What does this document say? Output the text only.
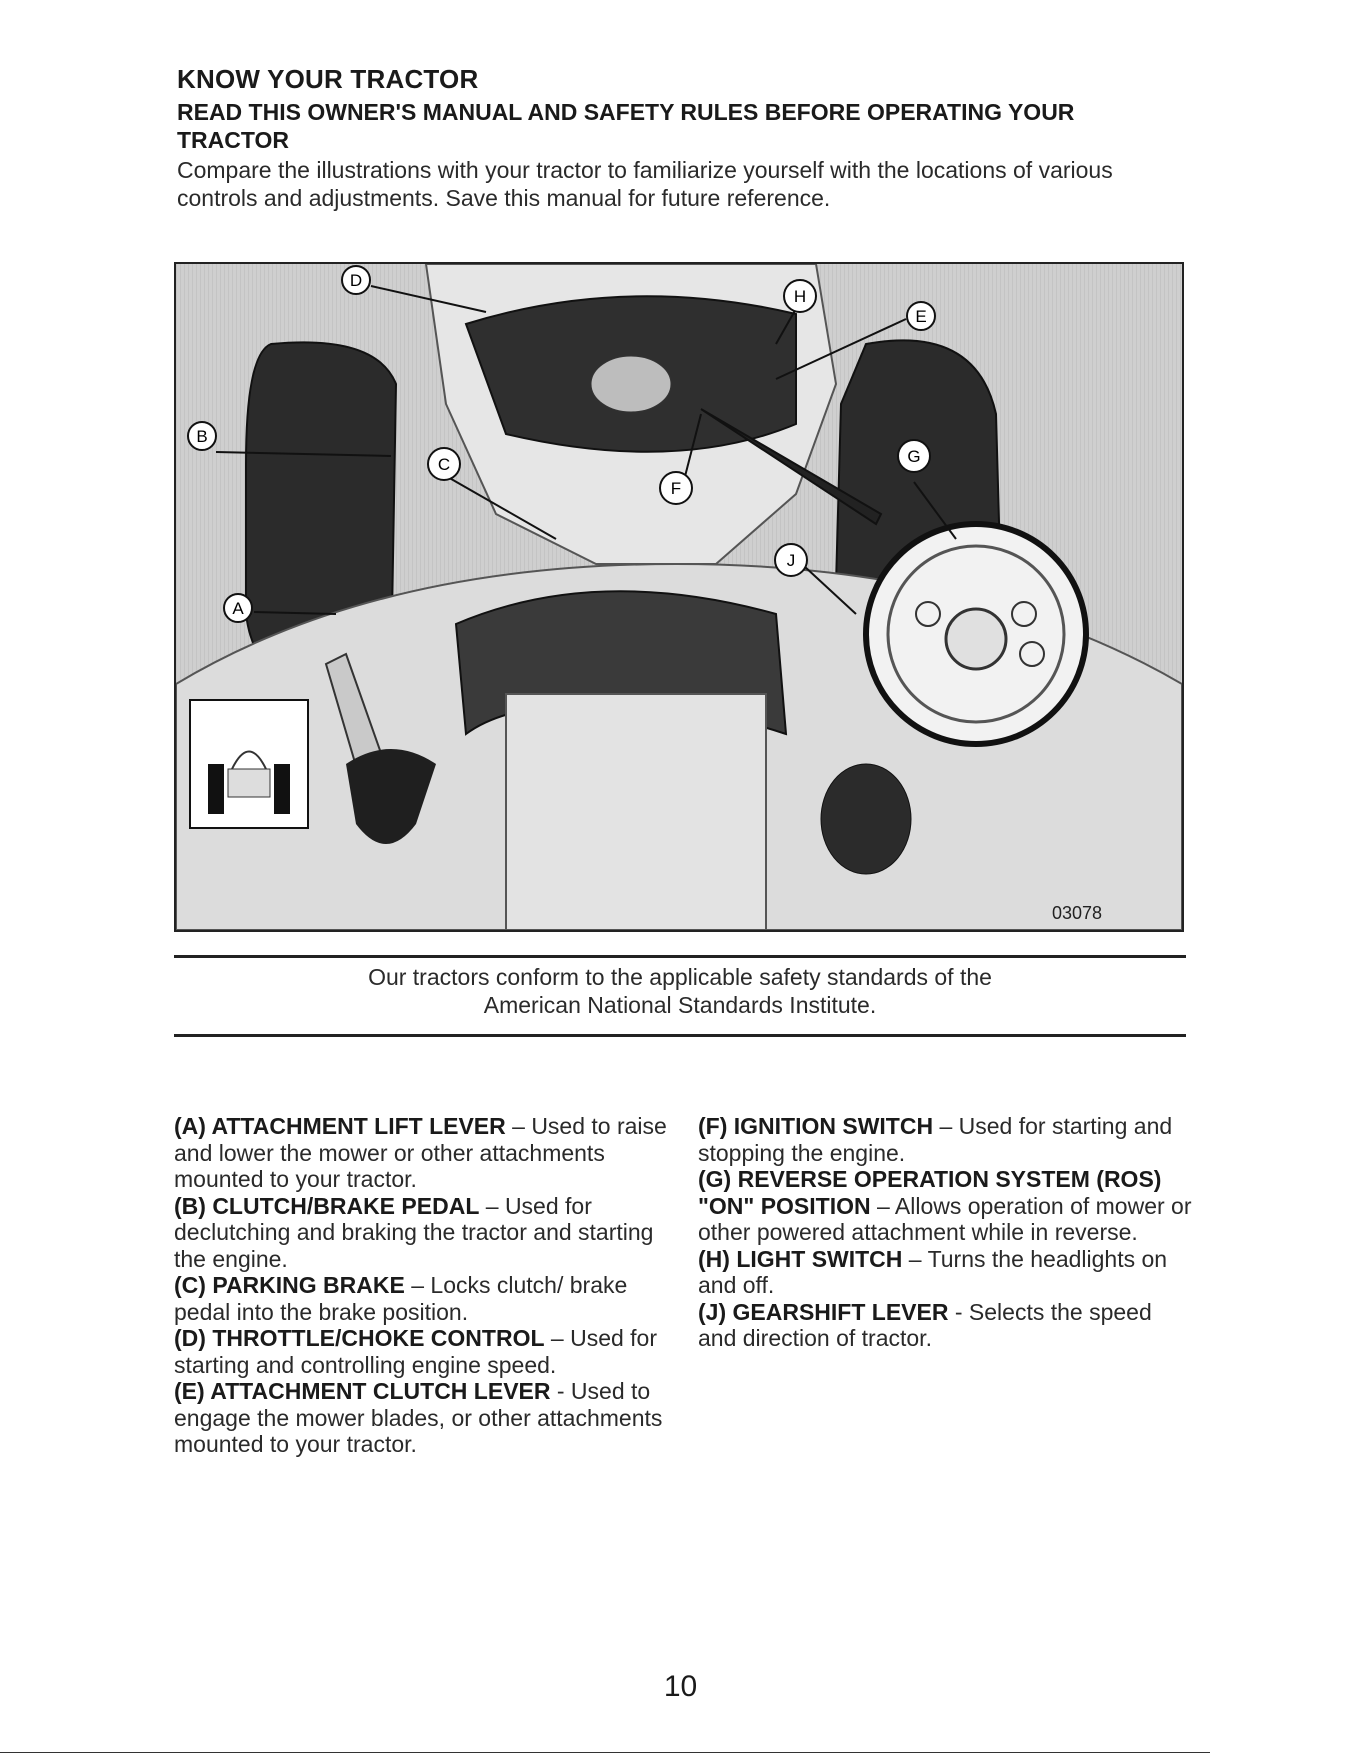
KNOW YOUR TRACTOR
READ THIS OWNER'S MANUAL AND SAFETY RULES BEFORE OPERATING YOUR TRACTOR

Compare the illustrations with your tractor to familiarize yourself with the locations of various controls and adjustments. Save this manual for future reference.

D
H
E
B
C	G
F
J
A
03078
Our tractors conform to the applicable safety standards of the
American National Standards Institute.

(A) ATTACHMENT LIFT LEVER – Used to raise and lower the mower or other attachments mounted to your tractor.

(B) CLUTCH/BRAKE PEDAL – Used for declutching and braking the tractor and starting the engine.

(C) PARKING BRAKE – Locks clutch/ brake pedal into the brake position.

(D) THROTTLE/CHOKE CONTROL – Used for starting and controlling engine speed.

(E) ATTACHMENT CLUTCH LEVER - Used to engage the mower blades, or other attachments mounted to your tractor.

(F) IGNITION SWITCH – Used for starting and stopping the engine.

(G) REVERSE OPERATION SYSTEM (ROS) "ON" POSITION – Allows operation of mower or other powered attachment while in reverse.

(H) LIGHT SWITCH – Turns the headlights on and off.

(J) GEARSHIFT LEVER - Selects the speed and direction of tractor.

10
